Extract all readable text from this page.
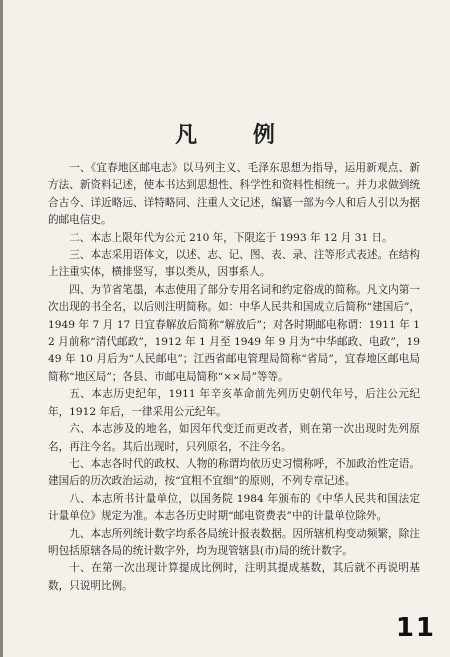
凡 例

一、《宜春地区邮电志》以马列主义、毛泽东思想为指导，运用新观点、新方法、新资料记述，使本书达到思想性、科学性和资料性相统一。并力求做到统合古今、详近略远、详特略同、注重人文记述，编纂一部为今人和后人引以为据的邮电信史。

二、本志上限年代为公元 210 年，下限迄于 1993 年 12 月 31 日。

三、本志采用语体文，以述、志、记、图、表、录、注等形式表述。在结构上注重实体，横排竖写，事以类从，因事系人。

四、为节省笔墨，本志使用了部分专用名词和约定俗成的简称。凡文内第一次出现的书全名，以后则注明简称。如：中华人民共和国成立后简称“建国后”，1949 年 7 月 17 日宜春解放后简称“解放后”；对各时期邮电称谓：1911 年 12 月前称“清代邮政”，1912 年 1 月至 1949 年 9 月为“中华邮政、电政”，1949 年 10 月后为“人民邮电”；江西省邮电管理局简称“省局”，宜春地区邮电局简称“地区局”；各县、市邮电局简称“××局”等等。

五、本志历史纪年，1911 年辛亥革命前先列历史朝代年号，后注公元纪年，1912 年后，一律采用公元纪年。

六、本志涉及的地名，如因年代变迁而更改者，则在第一次出现时先列原名，再注今名。其后出现时，只列原名，不注今名。

七、本志各时代的政权、人物的称谓均依历史习惯称呼，不加政治性定语。建国后的历次政治运动，按“宜粗不宜细”的原则，不列专章记述。

八、本志所书计量单位，以国务院 1984 年颁布的《中华人民共和国法定计量单位》规定为准。本志各历史时期“邮电资费表”中的计量单位除外。

九、本志所列统计数字均系各局统计报表数据。因所辖机构变动频繁，除注明包括原辖各局的统计数字外，均为现管辖县(市)局的统计数字。

十、在第一次出现计算提成比例时，注明其提成基数，其后就不再说明基数，只说明比例。

11
